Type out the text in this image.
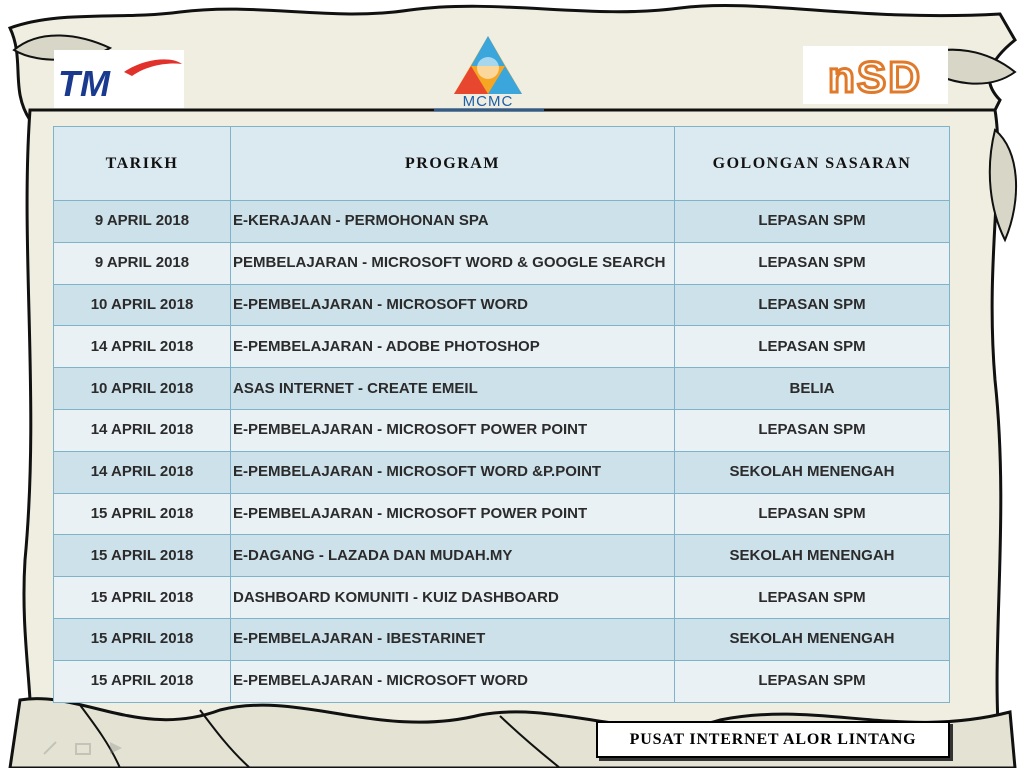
TM	MCMC	nSD
TARIKH	PROGRAM	GOLONGAN SASARAN
9 APRIL 2018	E-KERAJAAN - PERMOHONAN SPA	LEPASAN SPM
9 APRIL 2018	PEMBELAJARAN - MICROSOFT WORD & GOOGLE SEARCH	LEPASAN SPM
10 APRIL 2018	E-PEMBELAJARAN - MICROSOFT WORD	LEPASAN SPM
14 APRIL 2018	E-PEMBELAJARAN - ADOBE PHOTOSHOP	LEPASAN SPM
10 APRIL 2018	ASAS INTERNET - CREATE EMEIL	BELIA
14 APRIL 2018	E-PEMBELAJARAN - MICROSOFT POWER POINT	LEPASAN SPM
14 APRIL 2018	E-PEMBELAJARAN - MICROSOFT WORD &P.POINT	SEKOLAH MENENGAH
15 APRIL 2018	E-PEMBELAJARAN - MICROSOFT POWER POINT	LEPASAN SPM
15 APRIL 2018	E-DAGANG - LAZADA DAN MUDAH.MY	SEKOLAH MENENGAH
15 APRIL 2018	DASHBOARD KOMUNITI - KUIZ DASHBOARD	LEPASAN SPM
15 APRIL 2018	E-PEMBELAJARAN - IBESTARINET	SEKOLAH MENENGAH
15 APRIL 2018	E-PEMBELAJARAN - MICROSOFT WORD	LEPASAN SPM
PUSAT INTERNET ALOR LINTANG
